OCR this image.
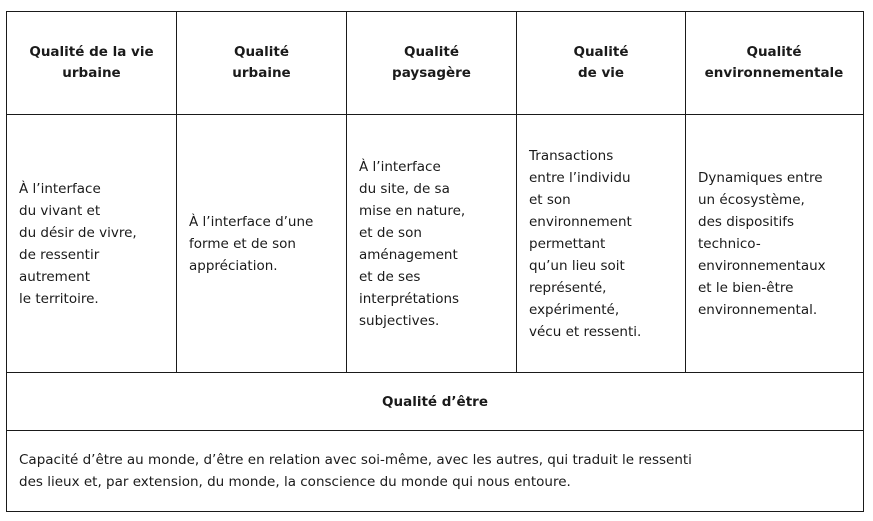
Qualité de la vie
urbaine
Qualité
urbaine
Qualité
paysagère
Qualité
de vie
Qualité
environnementale
À l’interface
du vivant et
du désir de vivre,
de ressentir
autrement
le territoire.
À l’interface d’une
forme et de son
appréciation.
À l’interface
du site, de sa
mise en nature,
et de son
aménagement
et de ses
interprétations
subjectives.
Transactions
entre l’individu
et son
environnement
permettant
qu’un lieu soit
représenté,
expérimenté,
vécu et ressenti.
Dynamiques entre
un écosystème,
des dispositifs
technico-
environnementaux
et le bien-être
environnemental.
Qualité d’être
Capacité d’être au monde, d’être en relation avec soi-même, avec les autres, qui traduit le ressenti
des lieux et, par extension, du monde, la conscience du monde qui nous entoure.
